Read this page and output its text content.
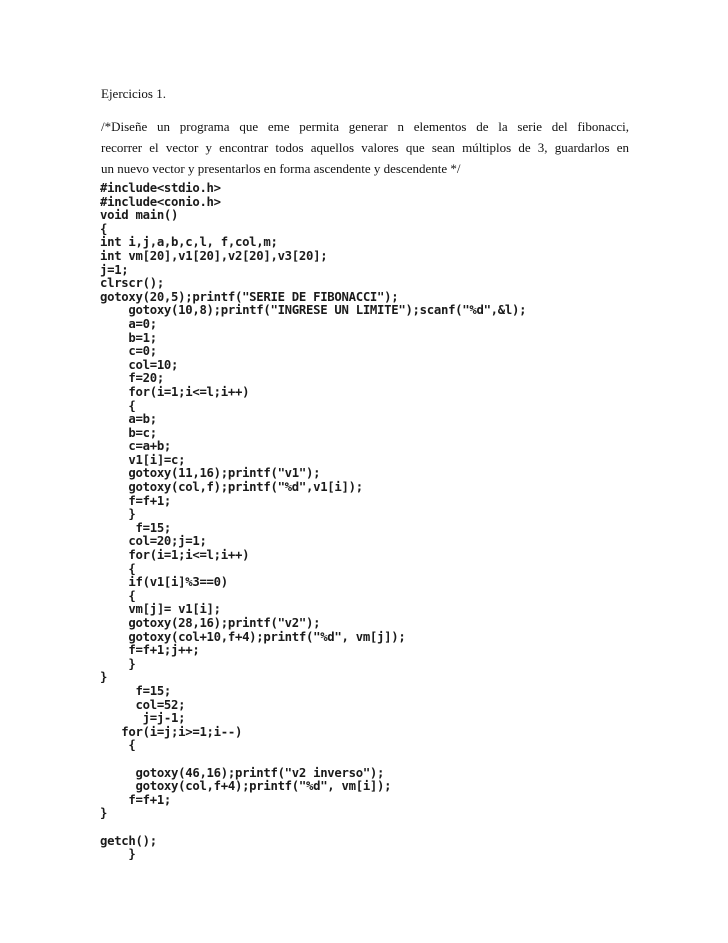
Ejercicios 1.
/*Diseñe un programa que eme permita generar n elementos de la serie del fibonacci,
recorrer el vector y encontrar todos aquellos valores que sean múltiplos de 3, guardarlos en
un nuevo vector y presentarlos en forma ascendente y descendente */
#include<stdio.h>
#include<conio.h>
void main()
{
int i,j,a,b,c,l, f,col,m;
int vm[20],v1[20],v2[20],v3[20];
j=1;
clrscr();
gotoxy(20,5);printf("SERIE DE FIBONACCI");
gotoxy(10,8);printf("INGRESE UN LIMITE");scanf("%d",&l);
a=0;
b=1;
c=0;
col=10;
f=20;
for(i=1;i<=l;i++)
{
a=b;
b=c;
c=a+b;
v1[i]=c;
gotoxy(11,16);printf("v1");
gotoxy(col,f);printf("%d",v1[i]);
f=f+1;
}
f=15;
col=20;j=1;
for(i=1;i<=l;i++)
{
if(v1[i]%3==0)
{
vm[j]= v1[i];
gotoxy(28,16);printf("v2");
gotoxy(col+10,f+4);printf("%d", vm[j]);
f=f+1;j++;
}
}
f=15;
col=52;
j=j-1;
for(i=j;i>=1;i--)
{
gotoxy(46,16);printf("v2 inverso");
gotoxy(col,f+4);printf("%d", vm[i]);
f=f+1;
}
getch();
}
